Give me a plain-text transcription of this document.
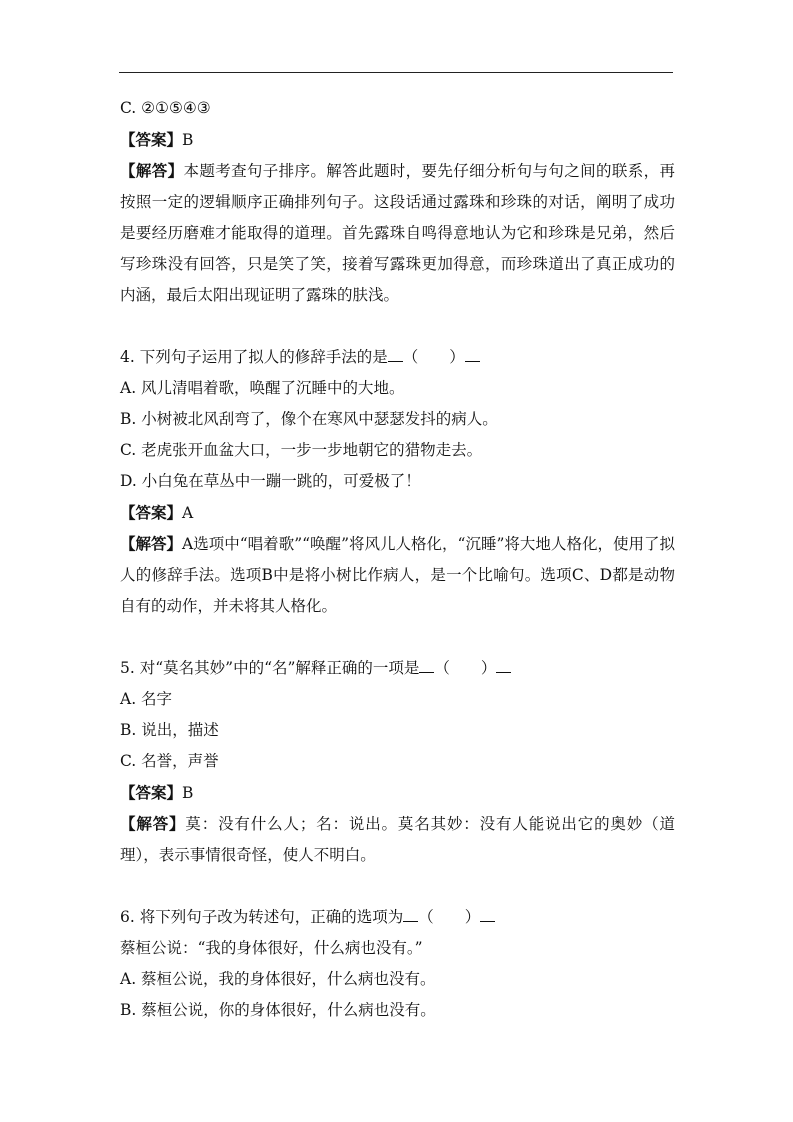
C. ②①⑤④③
【答案】B
【解答】本题考查句子排序。解答此题时，要先仔细分析句与句之间的联系，再按照一定的逻辑顺序正确排列句子。这段话通过露珠和珍珠的对话，阐明了成功是要经历磨难才能取得的道理。首先露珠自鸣得意地认为它和珍珠是兄弟，然后写珍珠没有回答，只是笑了笑，接着写露珠更加得意，而珍珠道出了真正成功的内涵，最后太阳出现证明了露珠的肤浅。
4. 下列句子运用了拟人的修辞手法的是 （　　）
A. 风儿清唱着歌，唤醒了沉睡中的大地。
B. 小树被北风刮弯了，像个在寒风中瑟瑟发抖的病人。
C. 老虎张开血盆大口，一步一步地朝它的猎物走去。
D. 小白兔在草丛中一蹦一跳的，可爱极了！
【答案】A
【解答】A选项中“唱着歌”“唤醒”将风儿人格化，“沉睡”将大地人格化，使用了拟人的修辞手法。选项B中是将小树比作病人，是一个比喻句。选项C、D都是动物自有的动作，并未将其人格化。
5. 对“莫名其妙”中的“名”解释正确的一项是 （　　）
A. 名字
B. 说出，描述
C. 名誉，声誉
【答案】B
【解答】莫：没有什么人；名：说出。莫名其妙：没有人能说出它的奥妙（道理），表示事情很奇怪，使人不明白。
6. 将下列句子改为转述句，正确的选项为 （　　）
蔡桓公说：“我的身体很好，什么病也没有。”
A. 蔡桓公说，我的身体很好，什么病也没有。
B. 蔡桓公说，你的身体很好，什么病也没有。
